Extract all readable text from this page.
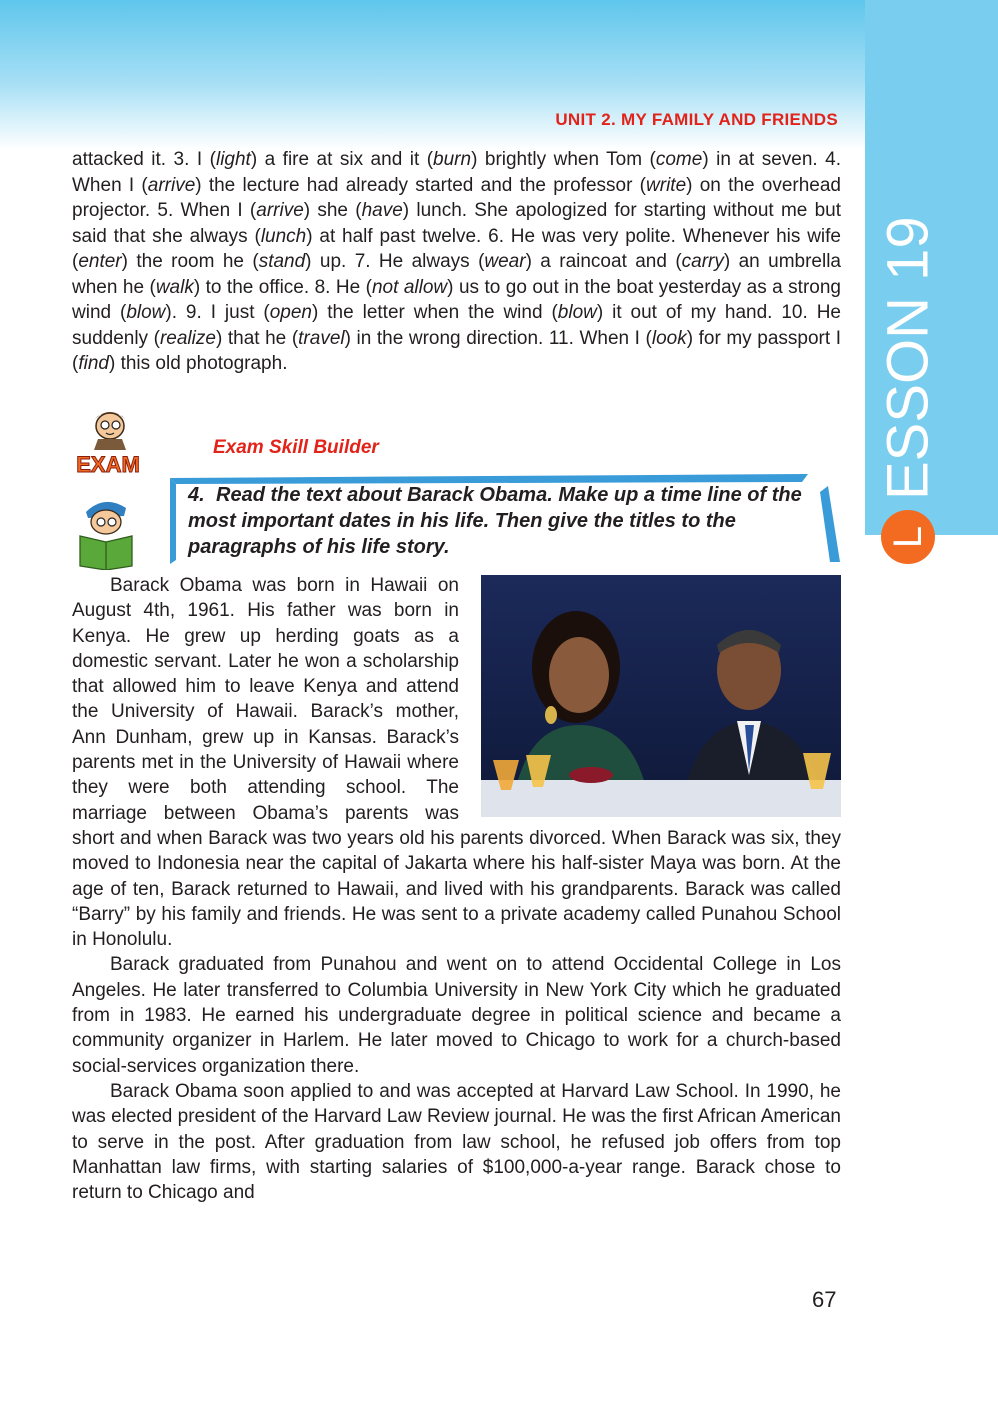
UNIT 2. MY FAMILY AND FRIENDS
L
ESSON 19

attacked it. 3. I (light) a fire at six and it (burn) brightly when Tom (come) in at seven. 4. When I (arrive) the lecture had already started and the professor (write) on the overhead projector. 5. When I (arrive) she (have) lunch. She apologized for starting without me but said that she always (lunch) at half past twelve. 6. He was very polite. Whenever his wife (enter) the room he (stand) up. 7. He always (wear) a raincoat and (carry) an umbrella when he (walk) to the office. 8. He (not allow) us to go out in the boat yesterday as a strong wind (blow). 9. I just (open) the letter when the wind (blow) it out of my hand. 10. He suddenly (realize) that he (travel) in the wrong direction. 11. When I (look) for my passport I (find) this old photograph.

EXAM
Exam Skill Builder
4. Read the text about Barack Obama. Make up a time line of the most important dates in his life. Then give the titles to the paragraphs of his life story.

Barack Obama was born in Hawaii on August 4th, 1961. His father was born in Kenya. He grew up herding goats as a domestic servant. Later he won a scholarship that allowed him to leave Kenya and attend the University of Hawaii. Barack’s mother, Ann Dunham, grew up in Kansas. Barack’s parents met in the University of Hawaii where they were both attending school. The marriage between Obama’s parents was short and when Barack was two years old his parents divorced. When Barack was six, they moved to Indonesia near the capital of Jakarta where his half-sister Maya was born. At the age of ten, Barack returned to Hawaii, and lived with his grandparents. Barack was called “Barry” by his family and friends. He was sent to a private academy called Punahou School in Honolulu.

Barack graduated from Punahou and went on to attend Occidental College in Los Angeles. He later transferred to Columbia University in New York City which he graduated from in 1983. He earned his undergraduate degree in political science and became a community organizer in Harlem. He later moved to Chicago to work for a church-based social-services organization there.

Barack Obama soon applied to and was accepted at Harvard Law School. In 1990, he was elected president of the Harvard Law Review journal. He was the first African American to serve in the post. After graduation from law school, he refused job offers from top Manhattan law firms, with starting salaries of $100,000-a-year range. Barack chose to return to Chicago and

67
